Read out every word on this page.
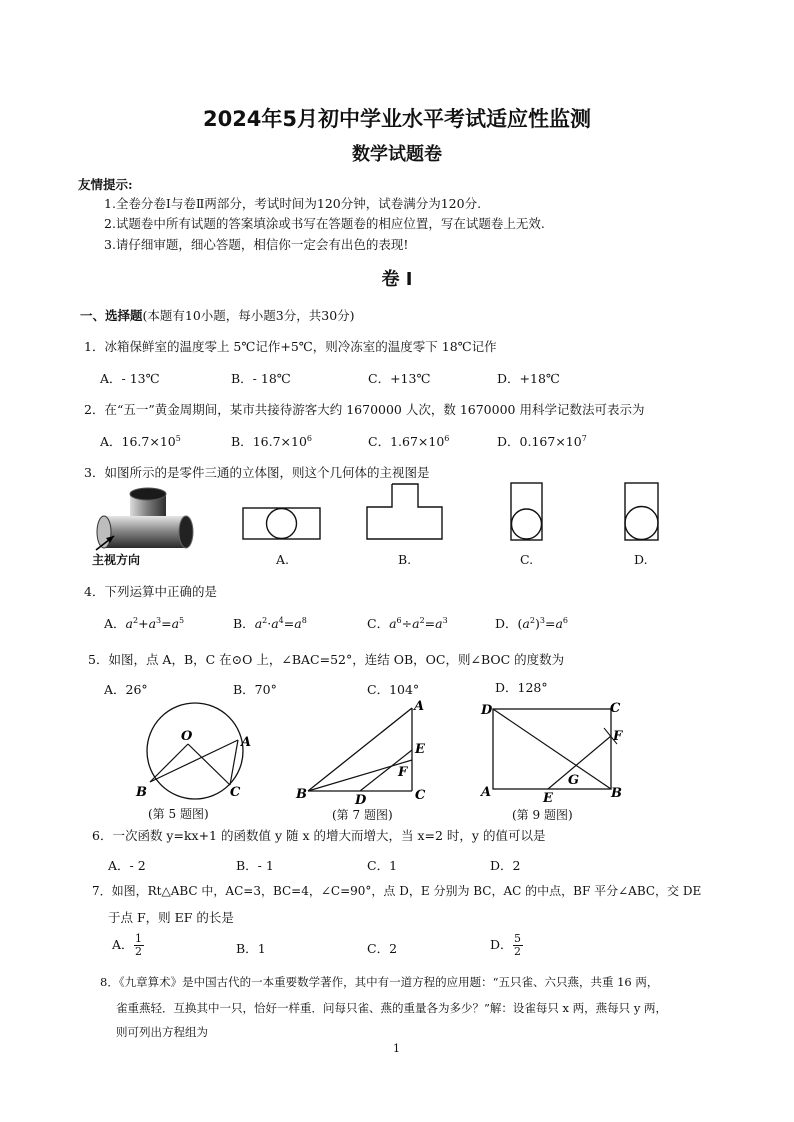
2024年5月初中学业水平考试适应性监测
数学试题卷
友情提示:
1.全卷分卷Ⅰ与卷Ⅱ两部分，考试时间为120分钟，试卷满分为120分.
2.试题卷中所有试题的答案填涂或书写在答题卷的相应位置，写在试题卷上无效.
3.请仔细审题，细心答题，相信你一定会有出色的表现!
卷 Ⅰ
一、选择题(本题有10小题，每小题3分，共30分)
1．冰箱保鲜室的温度零上 5℃记作+5℃，则冷冻室的温度零下 18℃记作
A．- 13℃	B．- 18℃	C．+13℃	D．+18℃
2．在“五一”黄金周期间，某市共接待游客大约 1670000 人次，数 1670000 用科学记数法可表示为
A．$16.7\times 10^5$	B．$16.7\times 10^6$	C．$1.67\times 10^6$	D．$0.167\times 10^7$
3．如图所示的是零件三通的立体图，则这个几何体的主视图是
主视方向	A.	B.	C.	D.
4．下列运算中正确的是
A．$a^2+a^3=a^5$	B．$a^2\cdot a^4=a^8$	C．$a^6\div a^2=a^3$	D．$(a^2)^3=a^6$
5．如图，点 A，B，C 在⊙O 上，∠BAC=52°，连结 OB，OC，则∠BOC 的度数为
A．26°	B．70°	C．104°	D．128°
O	A
B	C
(第 5 题图)
A
E
F
B	D	C
(第 7 题图)
D	C
F
G
A	E	B
(第 9 题图)
6．一次函数 y=kx+1 的函数值 y 随 x 的增大而增大，当 x=2 时，y 的值可以是
A．- 2	B．- 1	C．1	D．2
7．如图，Rt△ABC 中，AC=3，BC=4，∠C=90°，点 D，E 分别为 BC，AC 的中点，BF 平分∠ABC，交 DE
于点 F，则 EF 的长是
A． $\frac{1}{2}$	B．1	C．2	D． $\frac{5}{2}$
8．《九章算术》是中国古代的一本重要数学著作，其中有一道方程的应用题：“五只雀、六只燕，共重 16 两，
雀重燕轻．互换其中一只，恰好一样重．问每只雀、燕的重量各为多少？”解：设雀每只 x 两，燕每只 y 两，
则可列出方程组为
1
